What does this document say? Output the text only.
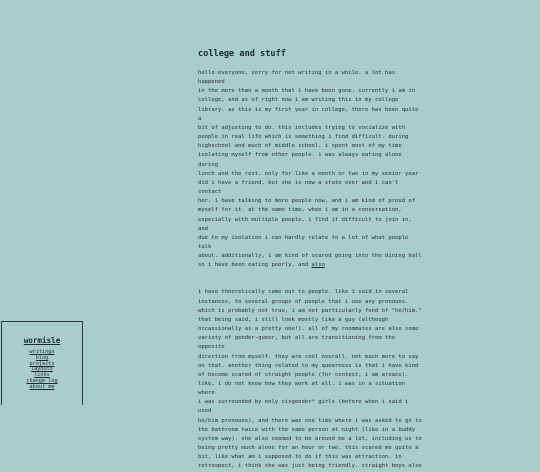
wormisle
writings
blog
projects
layouts
links
change log
about me
college and stuff

hello everyone, sorry for not writing in a while. a lot has happened
in the more than a month that i have been gone. currently i am in
college, and as of right now i am writing this in my college
library. as this is my first year in college, there has been quite a
bit of adjusting to do. this includes trying to socialize with
people in real life which is something i find difficult. during
highschool and much of middle school, i spent most of my time
isolating myself from other people. i was always eating alone during
lunch and the rest. only for like a month or two in my senior year
did i have a friend, but she is now a state over and i can't contact
her. i have talking to more people now, and i am kind of proud of
myself for it. at the same time, when i am in a conversation,
especially with multiple people, i find it difficult to join in, and
due to my isolation i can hardly relate to a lot of what people talk
about. additionally, i am kind of scared going into the dining hall
so i have been eating poorly. and also

i have theoretically came out to people. like i said in several
instances, to several groups of people that i use any pronouns.
which is probably not true, i am not particularly fond of "he/him."
that being said, i still look mostly like a guy (although
occassionally as a pretty one!). all of my roommates are also some
variety of gender-queer, but all are transitioning from the opposite
direction from myself. they are cool overall. not much more to say
on that. another thing related to my queerness is that i have kind
of become scared of straight people (for context, i am aroace).
like, i do not know how they work at all. i was in a situation where
i was surrounded by only cisgender* girls (before when i said i used
he/him pronouns), and there was one time where i was asked to go to
the bathroom twice with the same person at night (like in a buddy
system way). she also seemed to be around me a lot, including us to
being pretty much alone for an hour or two. this scared me quite a
bit, like what am i supposed to do if this was attraction. in
retrospect, i think she was just being friendly. straight boys also
